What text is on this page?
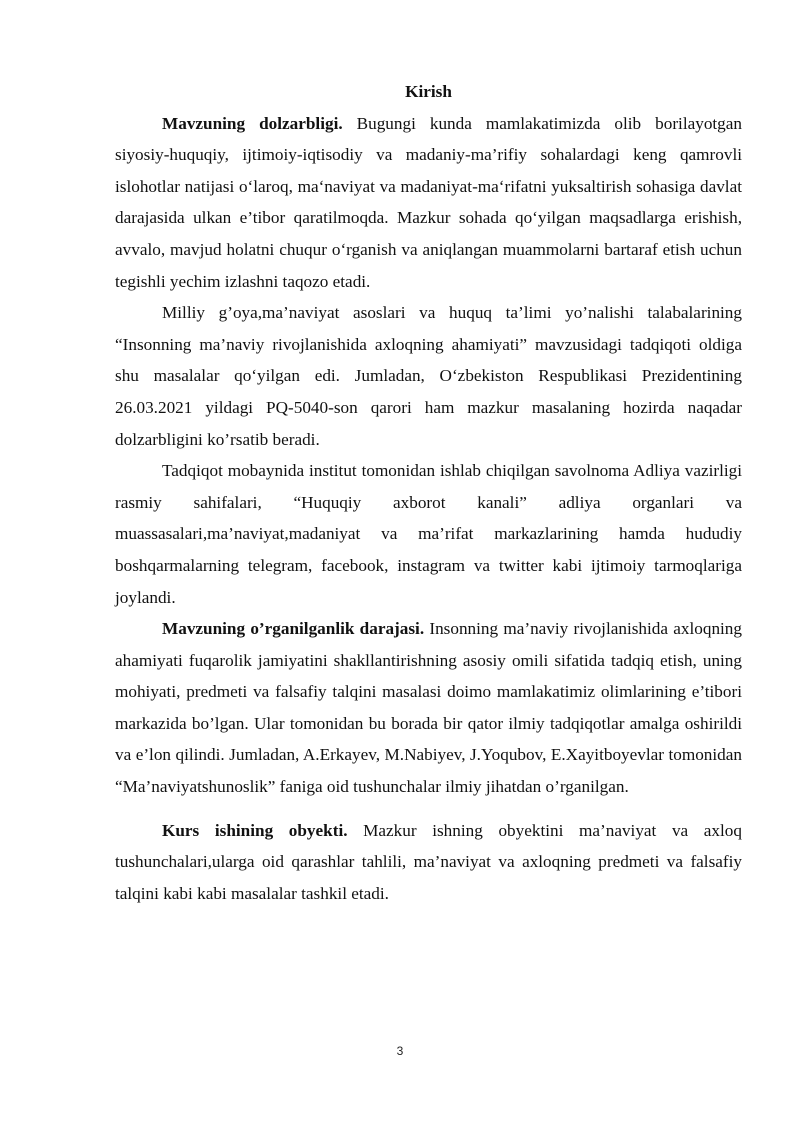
Kirish

Mavzuning dolzarbligi. Bugungi kunda mamlakatimizda olib borilayotgan siyosiy-huquqiy, ijtimoiy-iqtisodiy va madaniy-ma’rifiy sohalardagi keng qamrovli islohotlar natijasi o‘laroq, ma‘naviyat va madaniyat-ma‘rifatni yuksaltirish sohasiga davlat darajasida ulkan e’tibor qaratilmoqda. Mazkur sohada qo‘yilgan maqsadlarga erishish, avvalo, mavjud holatni chuqur o‘rganish va aniqlangan muammolarni bartaraf etish uchun tegishli yechim izlashni taqozo etadi.

Milliy g’oya,ma’naviyat asoslari va huquq ta’limi yo’nalishi talabalarining “Insonning ma’naviy rivojlanishida axloqning ahamiyati” mavzusidagi tadqiqoti oldiga shu masalalar qo‘yilgan edi. Jumladan, O‘zbekiston Respublikasi Prezidentining 26.03.2021 yildagi PQ-5040-son qarori ham mazkur masalaning hozirda naqadar dolzarbligini ko’rsatib beradi.

Tadqiqot mobaynida institut tomonidan ishlab chiqilgan savolnoma Adliya vazirligi rasmiy sahifalari, “Huquqiy axborot kanali” adliya organlari va muassasalari,ma’naviyat,madaniyat va ma’rifat markazlarining hamda hududiy boshqarmalarning telegram, facebook, instagram va twitter kabi ijtimoiy tarmoqlariga joylandi.

Mavzuning o’rganilganlik darajasi. Insonning ma’naviy rivojlanishida axloqning ahamiyati fuqarolik jamiyatini shakllantirishning asosiy omili sifatida tadqiq etish, uning mohiyati, predmeti va falsafiy talqini masalasi doimo mamlakatimiz olimlarining e’tibori markazida bo’lgan. Ular tomonidan bu borada bir qator ilmiy tadqiqotlar amalga oshirildi va e’lon qilindi. Jumladan, A.Erkayev, M.Nabiyev, J.Yoqubov, E.Xayitboyevlar tomonidan “Ma’naviyatshunoslik” faniga oid tushunchalar ilmiy jihatdan o’rganilgan.

Kurs ishining obyekti. Mazkur ishning obyektini ma’naviyat va axloq tushunchalari,ularga oid qarashlar tahlili, ma’naviyat va axloqning predmeti va falsafiy talqini kabi kabi masalalar tashkil etadi.

3
